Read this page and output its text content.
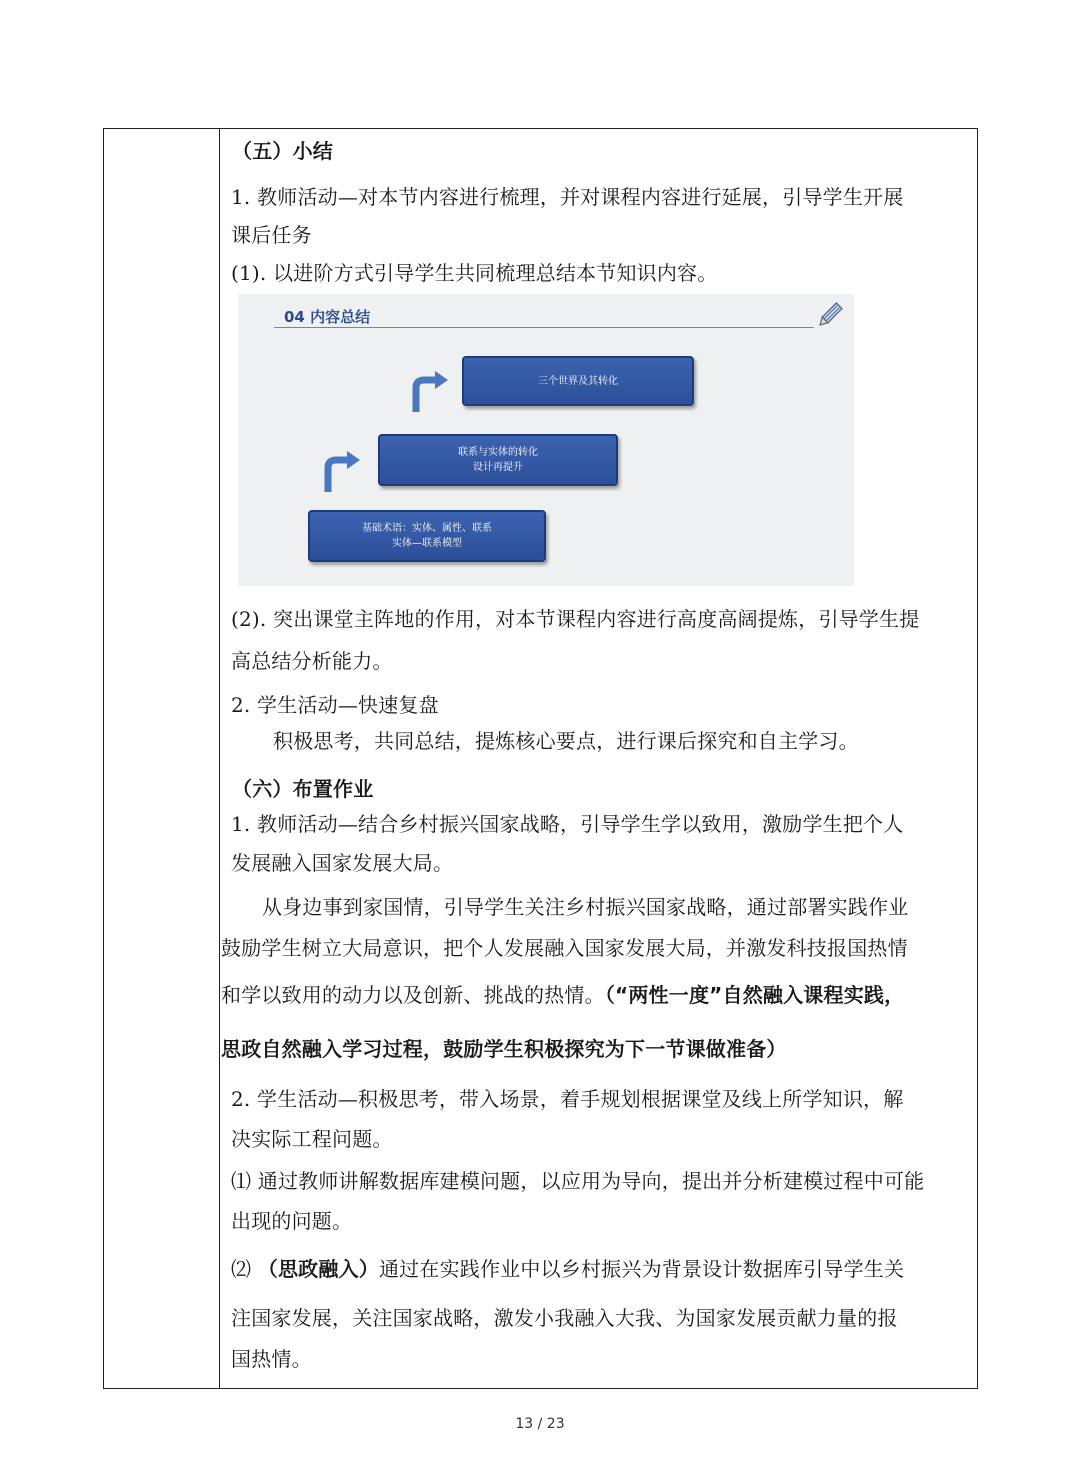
（五）小结
1. 教师活动—对本节内容进行梳理，并对课程内容进行延展，引导学生开展
课后任务
(1). 以进阶方式引导学生共同梳理总结本节知识内容。
04 内容总结
基础术语：实体、属性、联系
实体—联系模型
联系与实体的转化
设计再提升
三个世界及其转化
(2). 突出课堂主阵地的作用，对本节课程内容进行高度高阔提炼，引导学生提
高总结分析能力。
2. 学生活动—快速复盘
积极思考，共同总结，提炼核心要点，进行课后探究和自主学习。
（六）布置作业
1. 教师活动—结合乡村振兴国家战略，引导学生学以致用，激励学生把个人
发展融入国家发展大局。
从身边事到家国情，引导学生关注乡村振兴国家战略，通过部署实践作业
鼓励学生树立大局意识，把个人发展融入国家发展大局，并激发科技报国热情
和学以致用的动力以及创新、挑战的热情。（“两性一度”自然融入课程实践，
思政自然融入学习过程，鼓励学生积极探究为下一节课做准备）
2. 学生活动—积极思考，带入场景，着手规划根据课堂及线上所学知识，解
决实际工程问题。
⑴ 通过教师讲解数据库建模问题，以应用为导向，提出并分析建模过程中可能
出现的问题。
⑵ （思政融入）通过在实践作业中以乡村振兴为背景设计数据库引导学生关
注国家发展，关注国家战略，激发小我融入大我、为国家发展贡献力量的报
国热情。
13 / 23
